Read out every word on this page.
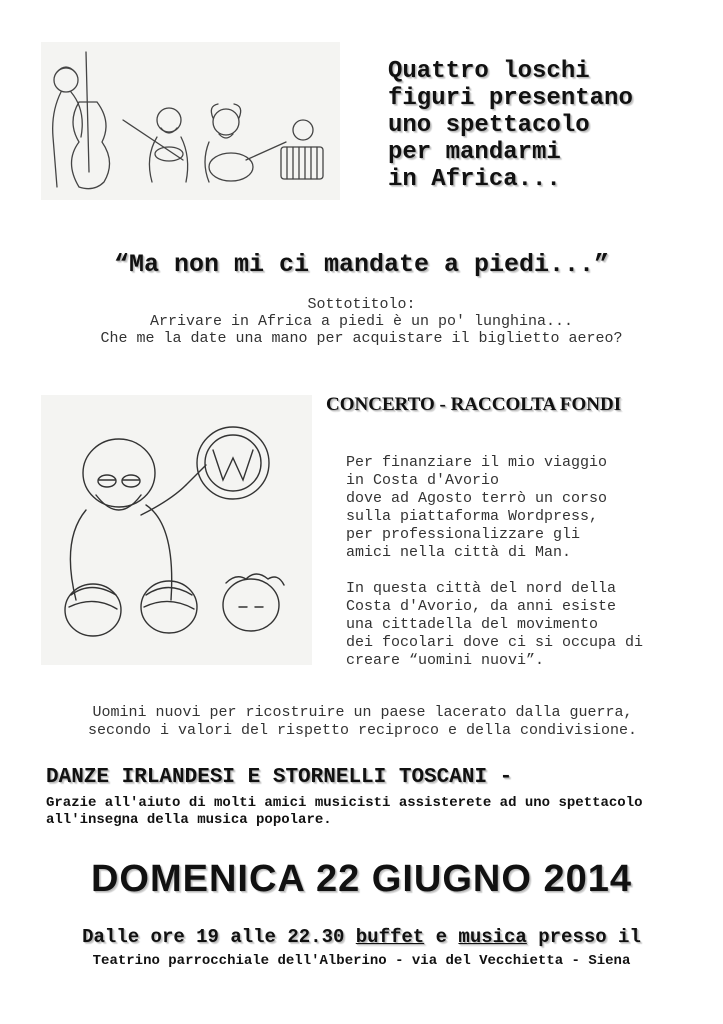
Quattro loschi
figuri presentano
uno spettacolo
per mandarmi
in Africa...
“Ma non mi ci mandate a piedi...”
Sottotitolo:
Arrivare in Africa a piedi è un po' lunghina...
Che me la date una mano per acquistare il biglietto aereo?
CONCERTO - RACCOLTA FONDI
Per finanziare il mio viaggio
in Costa d'Avorio
dove ad Agosto terrò un corso
sulla piattaforma Wordpress,
per professionalizzare gli
amici nella città di Man.
In questa città del nord della
Costa d'Avorio, da anni esiste
una cittadella del movimento
dei focolari dove ci si occupa di
creare “uomini nuovi”.
Uomini nuovi per ricostruire un paese lacerato dalla guerra,
secondo i valori del rispetto reciproco e della condivisione.
DANZE IRLANDESI E STORNELLI TOSCANI -
Grazie all'aiuto di molti amici musicisti assisterete ad uno spettacolo all'insegna della musica popolare.
DOMENICA 22 GIUGNO 2014
Dalle ore 19 alle 22.30 buffet e musica presso il
Teatrino parrocchiale dell'Alberino - via del Vecchietta - Siena
